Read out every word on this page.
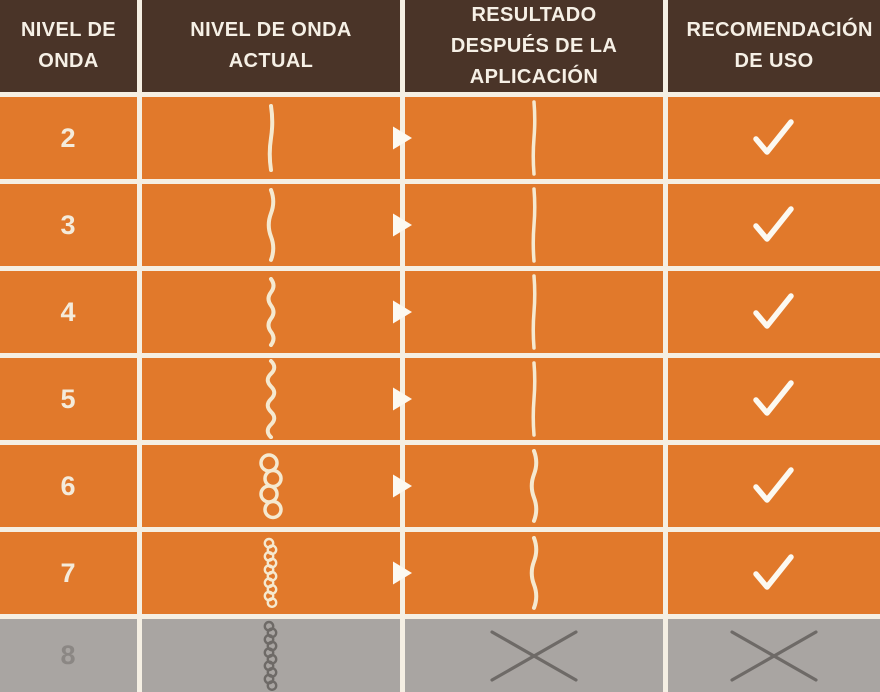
NIVEL DE ONDA
NIVEL DE ONDA ACTUAL
RESULTADO DESPUÉS DE LA APLICACIÓN
RECOMENDACIÓN DE USO
2
3
4
5
6
7
8
